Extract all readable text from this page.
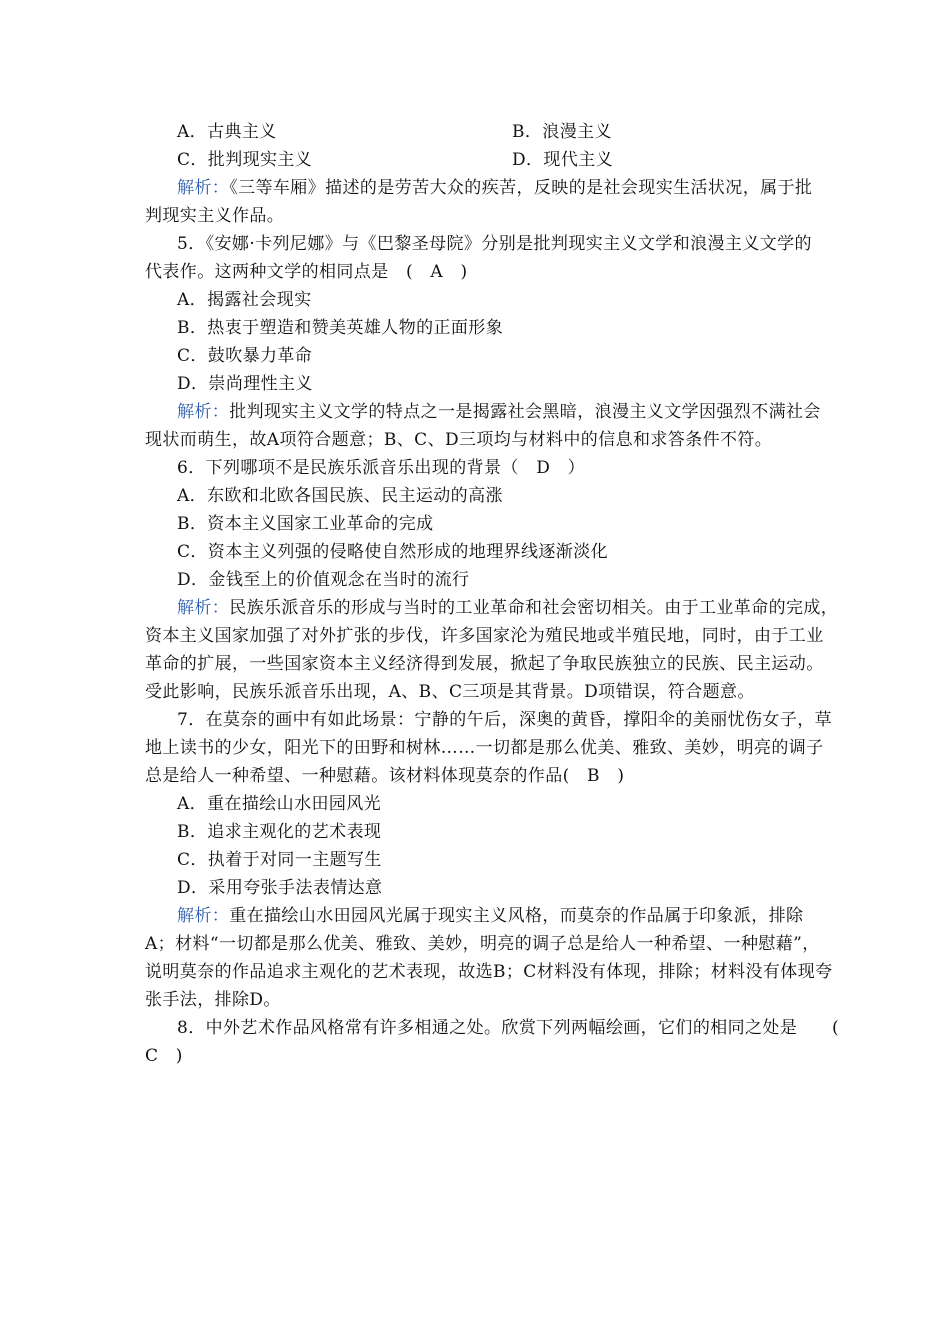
A．古典主义	B．浪漫主义
C．批判现实主义	D．现代主义
解析：《三等车厢》描述的是劳苦大众的疾苦，反映的是社会现实生活状况，属于批
判现实主义作品。
5．《安娜·卡列尼娜》与《巴黎圣母院》分别是批判现实主义文学和浪漫主义文学的
代表作。这两种文学的相同点是　(　A　)
A．揭露社会现实
B．热衷于塑造和赞美英雄人物的正面形象
C．鼓吹暴力革命
D．崇尚理性主义
解析：批判现实主义文学的特点之一是揭露社会黑暗，浪漫主义文学因强烈不满社会
现状而萌生，故A项符合题意；B、C、D三项均与材料中的信息和求答条件不符。
6．下列哪项不是民族乐派音乐出现的背景（　D　）
A．东欧和北欧各国民族、民主运动的高涨
B．资本主义国家工业革命的完成
C．资本主义列强的侵略使自然形成的地理界线逐渐淡化
D．金钱至上的价值观念在当时的流行
解析：民族乐派音乐的形成与当时的工业革命和社会密切相关。由于工业革命的完成，
资本主义国家加强了对外扩张的步伐，许多国家沦为殖民地或半殖民地，同时，由于工业
革命的扩展，一些国家资本主义经济得到发展，掀起了争取民族独立的民族、民主运动。
受此影响，民族乐派音乐出现，A、B、C三项是其背景。D项错误，符合题意。
7．在莫奈的画中有如此场景：宁静的午后，深奥的黄昏，撑阳伞的美丽忧伤女子，草
地上读书的少女，阳光下的田野和树林……一切都是那么优美、雅致、美妙，明亮的调子
总是给人一种希望、一种慰藉。该材料体现莫奈的作品(　B　)
A．重在描绘山水田园风光
B．追求主观化的艺术表现
C．执着于对同一主题写生
D．采用夸张手法表情达意
解析：重在描绘山水田园风光属于现实主义风格，而莫奈的作品属于印象派，排除
A；材料“一切都是那么优美、雅致、美妙，明亮的调子总是给人一种希望、一种慰藉”，
说明莫奈的作品追求主观化的艺术表现，故选B；C材料没有体现，排除；材料没有体现夸
张手法，排除D。
8．中外艺术作品风格常有许多相通之处。欣赏下列两幅绘画，它们的相同之处是　　(
C　)
